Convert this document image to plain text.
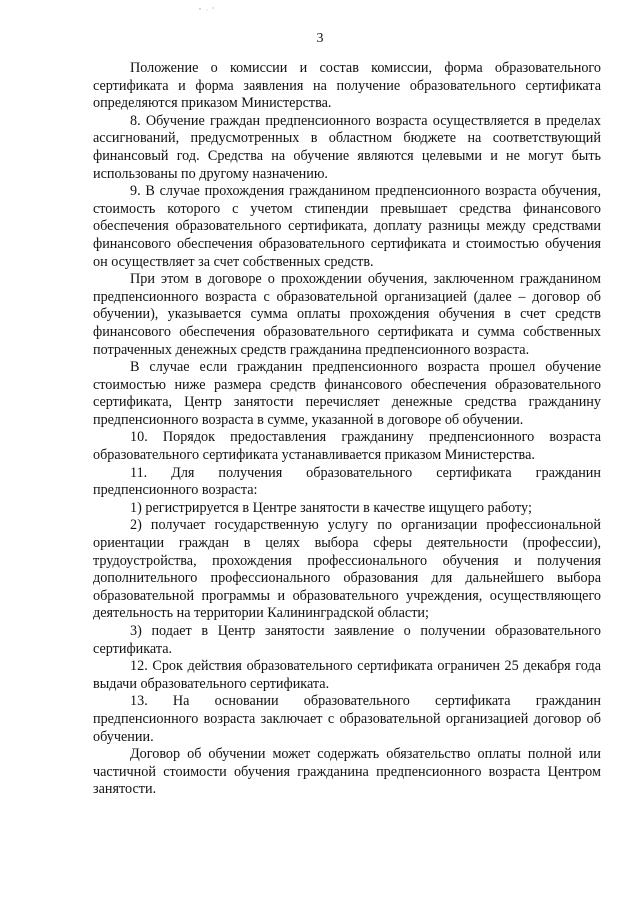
3

Положение о комиссии и состав комиссии, форма образовательного сертификата и форма заявления на получение образовательного сертификата определяются приказом Министерства.

8. Обучение граждан предпенсионного возраста осуществляется в пределах ассигнований, предусмотренных в областном бюджете на соответствующий финансовый год. Средства на обучение являются целевыми и не могут быть использованы по другому назначению.

9. В случае прохождения гражданином предпенсионного возраста обучения, стоимость которого с учетом стипендии превышает средства финансового обеспечения образовательного сертификата, доплату разницы между средствами финансового обеспечения образовательного сертификата и стоимостью обучения он осуществляет за счет собственных средств.

При этом в договоре о прохождении обучения, заключенном гражданином предпенсионного возраста с образовательной организацией (далее – договор об обучении), указывается сумма оплаты прохождения обучения в счет средств финансового обеспечения образовательного сертификата и сумма собственных потраченных денежных средств гражданина предпенсионного возраста.

В случае если гражданин предпенсионного возраста прошел обучение стоимостью ниже размера средств финансового обеспечения образовательного сертификата, Центр занятости перечисляет денежные средства гражданину предпенсионного возраста в сумме, указанной в договоре об обучении.

10. Порядок предоставления гражданину предпенсионного возраста образовательного сертификата устанавливается приказом Министерства.

11. Для получения образовательного сертификата гражданин предпенсионного возраста:

1) регистрируется в Центре занятости в качестве ищущего работу;

2) получает государственную услугу по организации профессиональной ориентации граждан в целях выбора сферы деятельности (профессии), трудоустройства, прохождения профессионального обучения и получения дополнительного профессионального образования для дальнейшего выбора образовательной программы и образовательного учреждения, осуществляющего деятельность на территории Калининградской области;

3) подает в Центр занятости заявление о получении образовательного сертификата.

12. Срок действия образовательного сертификата ограничен 25 декабря года выдачи образовательного сертификата.

13. На основании образовательного сертификата гражданин предпенсионного возраста заключает с образовательной организацией договор об обучении.

Договор об обучении может содержать обязательство оплаты полной или частичной стоимости обучения гражданина предпенсионного возраста Центром занятости.
